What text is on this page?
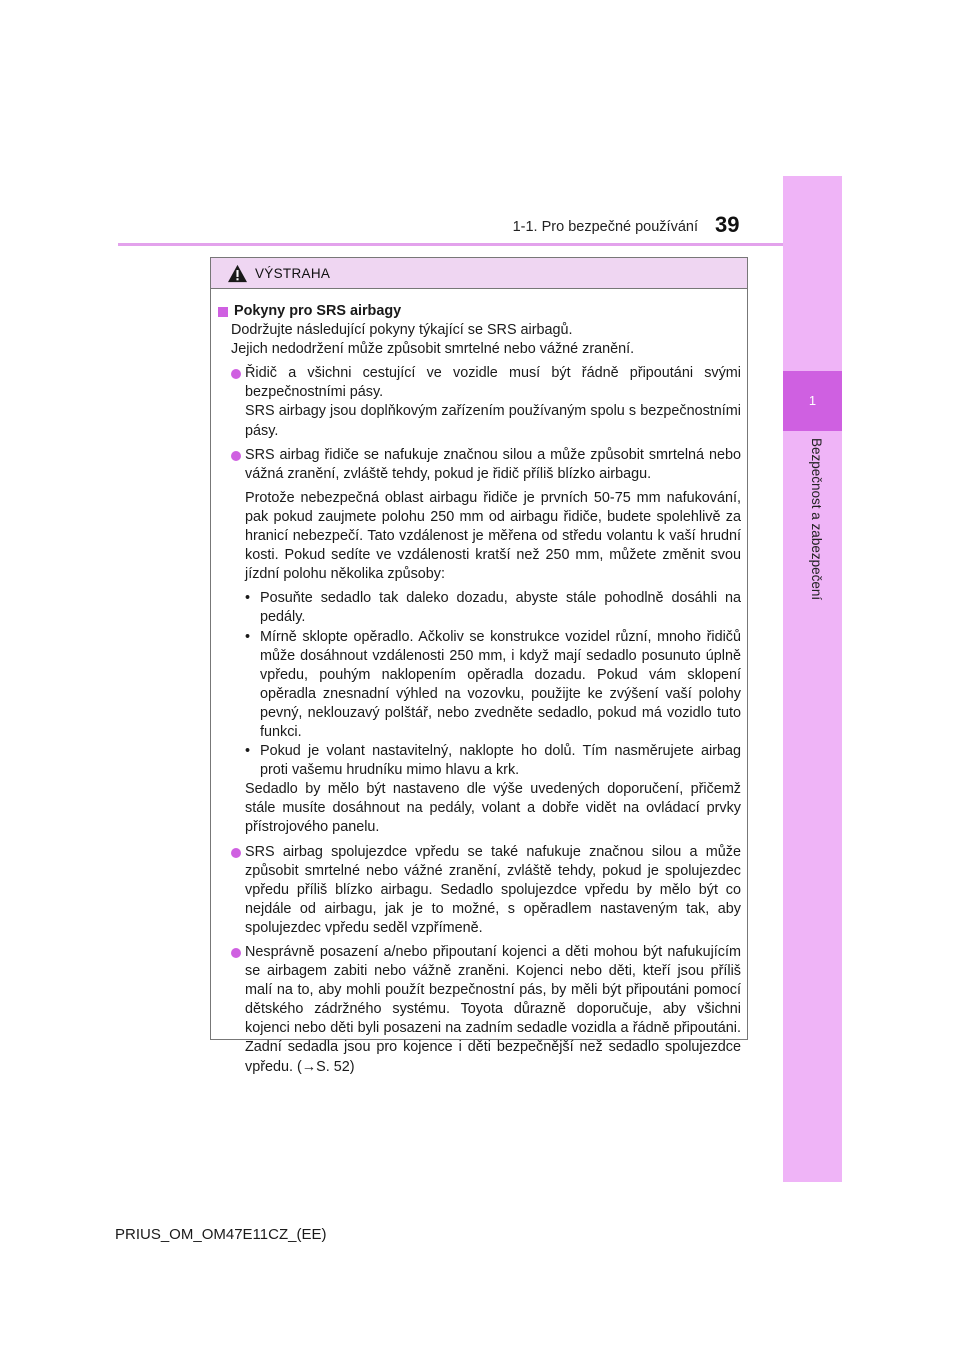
1
Bezpečnost a zabezpečení
1-1. Pro bezpečné používání 39
VÝSTRAHA
Pokyny pro SRS airbagy

Dodržujte následující pokyny týkající se SRS airbagů.

Jejich nedodržení může způsobit smrtelné nebo vážné zranění.

Řidič a všichni cestující ve vozidle musí být řádně připoutáni svými bezpečnostními pásy.

SRS airbagy jsou doplňkovým zařízením používaným spolu s bezpečnostními pásy.

SRS airbag řidiče se nafukuje značnou silou a může způsobit smrtelná nebo vážná zranění, zvláště tehdy, pokud je řidič příliš blízko airbagu.

Protože nebezpečná oblast airbagu řidiče je prvních 50-75 mm nafukování, pak pokud zaujmete polohu 250 mm od airbagu řidiče, budete spolehlivě za hranicí nebezpečí. Tato vzdálenost je měřena od středu volantu k vaší hrudní kosti. Pokud sedíte ve vzdálenosti kratší než 250 mm, můžete změnit svou jízdní polohu několika způsoby:

• Posuňte sedadlo tak daleko dozadu, abyste stále pohodlně dosáhli na pedály.
• Mírně sklopte opěradlo. Ačkoliv se konstrukce vozidel různí, mnoho řidičů může dosáhnout vzdálenosti 250 mm, i když mají sedadlo posunuto úplně vpředu, pouhým naklopením opěradla dozadu. Pokud vám sklopení opěradla znesnadní výhled na vozovku, použijte ke zvýšení vaší polohy pevný, neklouzavý polštář, nebo zvedněte sedadlo, pokud má vozidlo tuto funkci.
• Pokud je volant nastavitelný, naklopte ho dolů. Tím nasměrujete airbag proti vašemu hrudníku mimo hlavu a krk.

Sedadlo by mělo být nastaveno dle výše uvedených doporučení, přičemž stále musíte dosáhnout na pedály, volant a dobře vidět na ovládací prvky přístrojového panelu.

SRS airbag spolujezdce vpředu se také nafukuje značnou silou a může způsobit smrtelné nebo vážné zranění, zvláště tehdy, pokud je spolujezdec vpředu příliš blízko airbagu. Sedadlo spolujezdce vpředu by mělo být co nejdále od airbagu, jak je to možné, s opěradlem nastaveným tak, aby spolujezdec vpředu seděl vzpřímeně.

Nesprávně posazení a/nebo připoutaní kojenci a děti mohou být nafukujícím se airbagem zabiti nebo vážně zraněni. Kojenci nebo děti, kteří jsou příliš malí na to, aby mohli použít bezpečnostní pás, by měli být připoutáni pomocí dětského zádržného systému. Toyota důrazně doporučuje, aby všichni kojenci nebo děti byli posazeni na zadním sedadle vozidla a řádně připoutáni. Zadní sedadla jsou pro kojence i děti bezpečnější než sedadlo spolujezdce vpředu. (→S. 52)

PRIUS_OM_OM47E11CZ_(EE)
